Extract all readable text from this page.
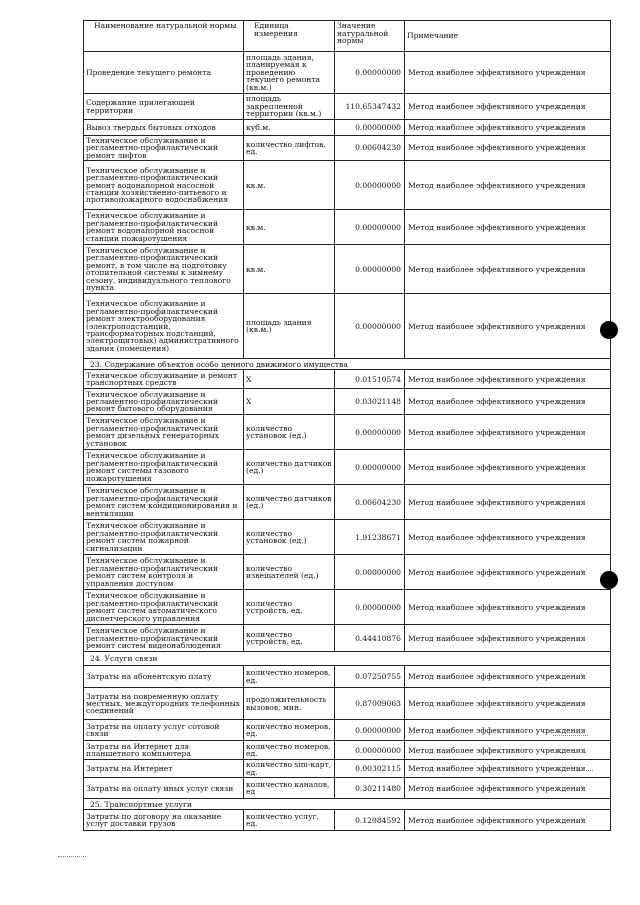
Наименование натуральной нормы	Единица измерения	Значение натуральной нормы	Примечание
Проведение текущего ремонта	площадь здания, планируемая к проведению текущего ремонта (кв.м.)	0.00000000	Метод наиболее эффективного учреждения
Содержание прилегающей территории	площадь закрепленной территории (кв.м.)	110.65347432	Метод наиболее эффективного учреждения
Вывоз твердых бытовых отходов	куб.м.	0.00000000	Метод наиболее эффективного учреждения
Техническое обслуживание и регламентно-профилактический ремонт лифтов	количество лифтов, ед.	0.00604230	Метод наиболее эффективного учреждения
Техническое обслуживание и регламентно-профилактический ремонт водонапорной насосной станции хозяйственно-питьевого и противопожарного водоснабжения	кв.м.	0.00000000	Метод наиболее эффективного учреждения
Техническое обслуживание и регламентно-профилактический ремонт водонапорной насосной станции пожаротушения	кв.м.	0.00000000	Метод наиболее эффективного учреждения
Техническое обслуживание и регламентно-профилактический ремонт, в том числе на подготовку отопительной системы к зимнему сезону, индивидуального теплового пункта	кв.м.	0.00000000	Метод наиболее эффективного учреждения
Техническое обслуживание и регламентно-профилактический ремонт электрооборудования (электроподстанций, трансформаторных подстанций, электрощитовых) административного здания (помещения)	площадь здания (кв.м.)	0.00000000	Метод наиболее эффективного учреждения
23. Содержание объектов особо ценного движимого имущества			
Техническое обслуживание и ремонт транспортных средств	X	0.01510574	Метод наиболее эффективного учреждения
Техническое обслуживание и регламентно-профилактический ремонт бытового оборудования	X	0.03021148	Метод наиболее эффективного учреждения
Техническое обслуживание и регламентно-профилактический ремонт дизельных генераторных установок	количество установок (ед.)	0.00000000	Метод наиболее эффективного учреждения
Техническое обслуживание и регламентно-профилактический ремонт системы газового пожаротушения	количество датчиков (ед.)	0.00000000	Метод наиболее эффективного учреждения
Техническое обслуживание и регламентно-профилактический ремонт систем кондиционирования и вентиляции	количество датчиков (ед.)	0.00604230	Метод наиболее эффективного учреждения
Техническое обслуживание и регламентно-профилактический ремонт систем пожарной сигнализации	количество установок (ед.)	1.91238671	Метод наиболее эффективного учреждения
Техническое обслуживание и регламентно-профилактический ремонт систем контроля и управления доступом	количество извещателей (ед.)	0.00000000	Метод наиболее эффективного учреждения
Техническое обслуживание и регламентно-профилактический ремонт систем автоматического диспетчерского управления	количество устройств, ед.	0.00000000	Метод наиболее эффективного учреждения
Техническое обслуживание и регламентно-профилактический ремонт систем видеонаблюдения	количество устройств, ед.	0.44410876	Метод наиболее эффективного учреждения
24. Услуги связи			
Затраты на абонентскую плату	количество номеров, ед.	0.07250755	Метод наиболее эффективного учреждения
Затраты на повременную оплату местных, междугородних телефонных соединений	продолжительность вызовов, мин.	0.87009063	Метод наиболее эффективного учреждения
Затраты на оплату услуг сотовой связи	количество номеров, ед.	0.00000000	Метод наиболее эффективного учреждения
Затраты на Интернет для планшетного компьютера	количество номеров, ед.	0.00000000	Метод наиболее эффективного учреждения
Затраты на Интернет	количество sim-карт, ед.	0.00302115	Метод наиболее эффективного учреждения
Затраты на оплату иных услуг связи	количество каналов, ед	0.30211480	Метод наиболее эффективного учреждения
25. Транспортные услуги			
Затраты по договору на оказание услуг доставки грузов	количество услуг, ед.	0.12084592	Метод наиболее эффективного учреждения
